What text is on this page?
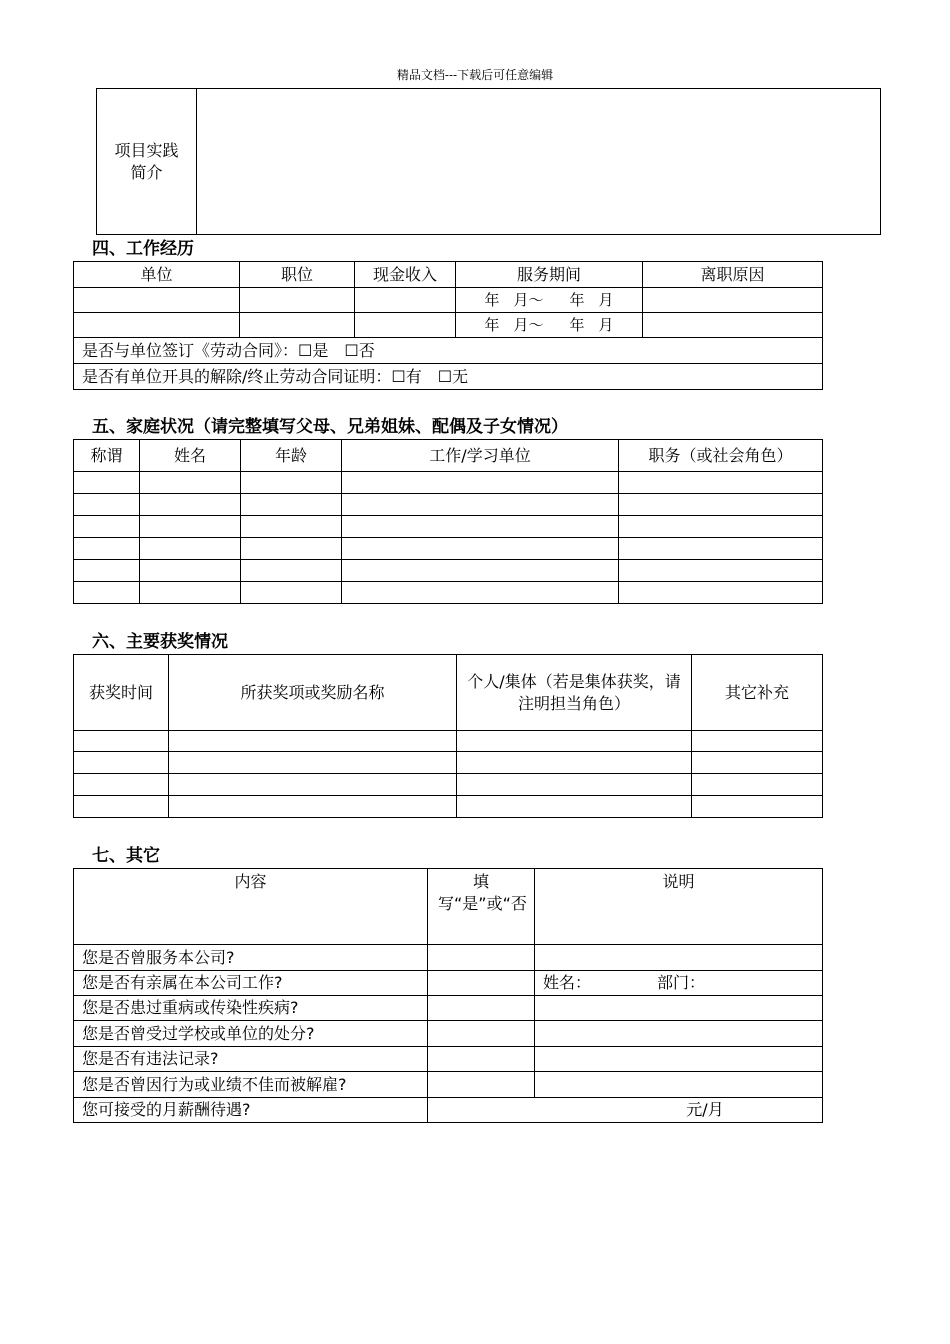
精品文档---下载后可任意编辑
项目实践
简介

四、工作经历
单位	职位	现金收入	服务期间	离职原因
			年 月～ 年 月	
			年 月～ 年 月	
是否与单位签订《劳动合同》：☐是　☐否				
是否有单位开具的解除/终止劳动合同证明：☐有　☐无				
五、家庭状况（请完整填写父母、兄弟姐妹、配偶及子女情况）
称谓	姓名	年龄	工作/学习单位	职务（或社会角色）

六、主要获奖情况
获奖时间	所获奖项或奖励名称	个人/集体（若是集体获奖，请注明担当角色）	其它补充

七、其它
内容	填写“是”或“否	说明
您是否曾服务本公司?		
您是否有亲属在本公司工作?		姓名： 部门：
您是否患过重病或传染性疾病?		
您是否曾受过学校或单位的处分?		
您是否有违法记录?		
您是否曾因行为或业绩不佳而被解雇?		
您可接受的月薪酬待遇?	元/月	
